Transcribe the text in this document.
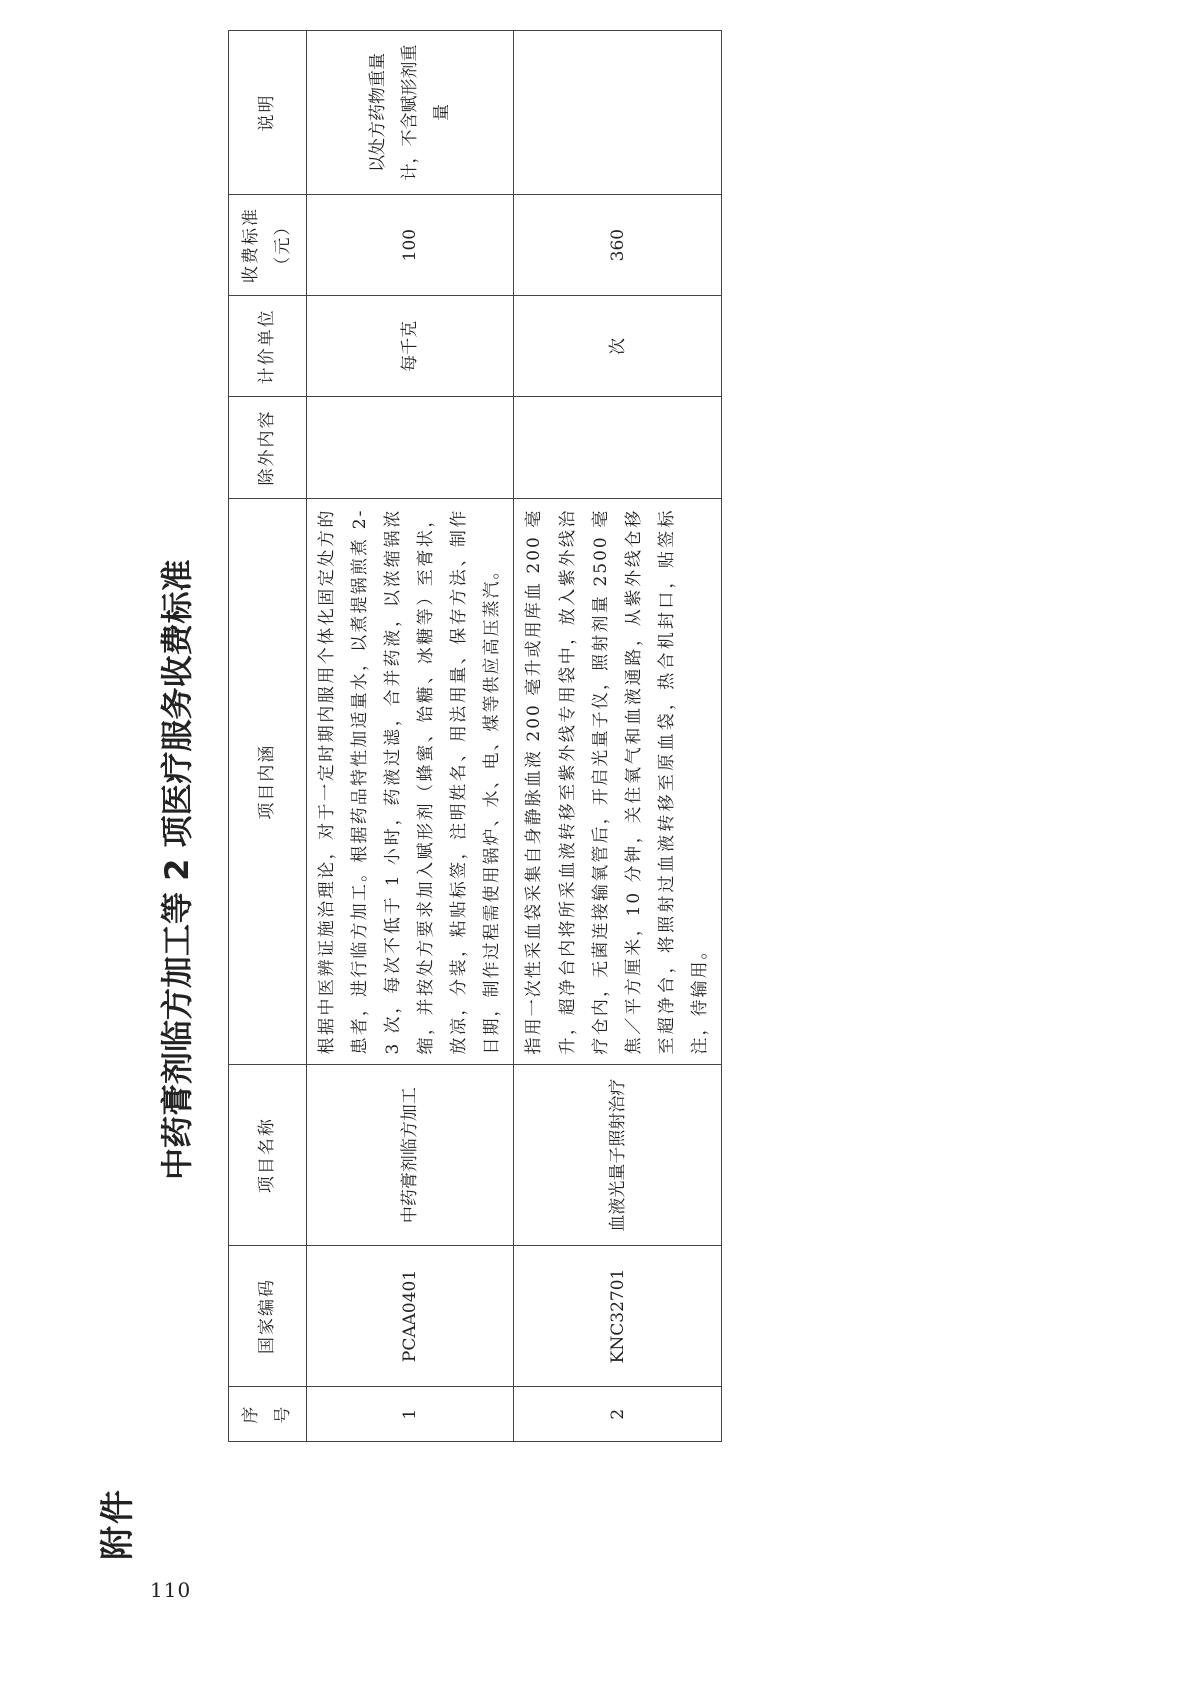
110
附件
中药膏剂临方加工等 2 项医疗服务收费标准
序号	国家编码	项目名称	项目内涵	除外内容	计价单位	收费标准（元）	说明
1	PCAA0401	中药膏剂临方加工	根据中医辨证施治理论，对于一定时期内服用个体化固定处方的患者，进行临方加工。根据药品特性加适量水，以煮提锅煎煮 2-3 次，每次不低于 1 小时，药液过滤，合并药液，以浓缩锅浓缩，并按处方要求加入赋形剂（蜂蜜、饴糖、冰糖等）至膏状，放凉，分装，粘贴标签，注明姓名、用法用量、保存方法、制作日期，制作过程需使用锅炉、水、电、煤等供应高压蒸汽。		每千克	100	以处方药物重量计，不含赋形剂重量
2	KNC32701	血液光量子照射治疗	指用一次性采血袋采集自身静脉血液 200 毫升或用库血 200 毫升，超净台内将所采血液转移至紫外线专用袋中，放入紫外线治疗仓内，无菌连接输氧管后，开启光量子仪，照射剂量 2500 毫焦／平方厘米，10 分钟，关住氧气和血液通路，从紫外线仓移至超净台，将照射过血液转移至原血袋，热合机封口，贴签标注，待输用。		次	360	
